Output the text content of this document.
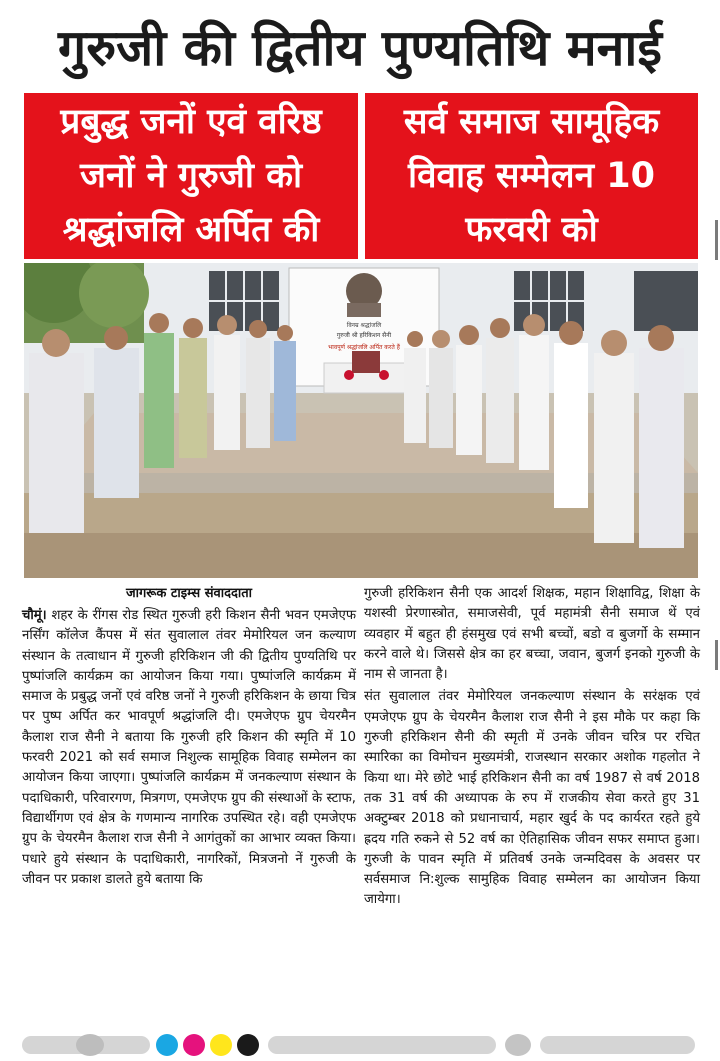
गुरुजी की द्वितीय पुण्यतिथि मनाई
प्रबुद्ध जनों एवं वरिष्ठ जनों ने गुरुजी को श्रद्धांजलि अर्पित की
सर्व समाज सामूहिक विवाह सम्मेलन 10 फरवरी को
विनम्र श्रद्धांजलि
गुरुजी श्री हरिकिशन सैनी
भावपूर्ण श्रद्धांजलि अर्पित करते हैं
जागरूक टाइम्स संवाददाता

चौमूं। शहर के रींगस रोड स्थित गुरुजी हरी किशन सैनी भवन एमजेएफ नर्सिंग कॉलेज कैंपस में संत सुवालाल तंवर मेमोरियल जन कल्याण संस्थान के तत्वाधान में गुरुजी हरिकिशन जी की द्वितीय पुण्यतिथि पर पुष्पांजलि कार्यक्रम का आयोजन किया गया। पुष्पांजलि कार्यक्रम में समाज के प्रबुद्ध जनों एवं वरिष्ठ जनों ने गुरुजी हरिकिशन के छाया चित्र पर पुष्प अर्पित कर भावपूर्ण श्रद्धांजलि दी। एमजेएफ ग्रुप चेयरमैन कैलाश राज सैनी ने बताया कि गुरुजी हरि किशन की स्मृति में 10 फरवरी 2021 को सर्व समाज निशुल्क सामूहिक विवाह सम्मेलन का आयोजन किया जाएगा। पुष्पांजलि कार्यक्रम में जनकल्याण संस्थान के पदाधिकारी, परिवारगण, मित्रगण, एमजेएफ ग्रुप की संस्थाओं के स्टाफ, विद्यार्थीगण एवं क्षेत्र के गणमान्य नागरिक उपस्थित रहे। वही एमजेएफ ग्रुप के चेयरमैन कैलाश राज सैनी ने आगंतुकों का आभार व्यक्त किया। पधारे हुये संस्थान के पदाधिकारी, नागरिकों, मित्रजनो नें गुरुजी के जीवन पर प्रकाश डालते हुये बताया कि

गुरुजी हरिकिशन सैनी एक आदर्श शिक्षक, महान शिक्षाविद्व, शिक्षा के यशस्वी प्रेरणास्त्रोत, समाजसेवी, पूर्व महामंत्री सैनी समाज थें एवं व्यवहार में बहुत ही हंसमुख एवं सभी बच्चों, बडो व बुजर्गो के सम्मान करने वाले थे। जिससे क्षेत्र का हर बच्चा, जवान, बुजर्ग इनको गुरुजी के नाम से जानता है।

संत सुवालाल तंवर मेमोरियल जनकल्याण संस्थान के सरंक्षक एवं एमजेएफ ग्रुप के चेयरमैन कैलाश राज सैनी ने इस मौके पर कहा कि गुरुजी हरिकिशन सैनी की स्मृती में उनके जीवन चरित्र पर रचित स्मारिका का विमोचन मुख्यमंत्री, राजस्थान सरकार अशोक गहलोत ने किया था। मेरे छोटे भाई हरिकिशन सैनी का वर्ष 1987 से वर्ष 2018 तक 31 वर्ष की अध्यापक के रुप में राजकीय सेवा करते हुए 31 अक्टुम्बर 2018 को प्रधानाचार्य, महार खुर्द के पद कार्यरत रहते हुये ह्रदय गति रुकने से 52 वर्ष का ऐतिहासिक जीवन सफर समाप्त हुआ। गुरुजी के पावन स्मृति में प्रतिवर्ष उनके जन्मदिवस के अवसर पर सर्वसमाज नि:शुल्क सामुहिक विवाह सम्मेलन का आयोजन किया जायेगा।
